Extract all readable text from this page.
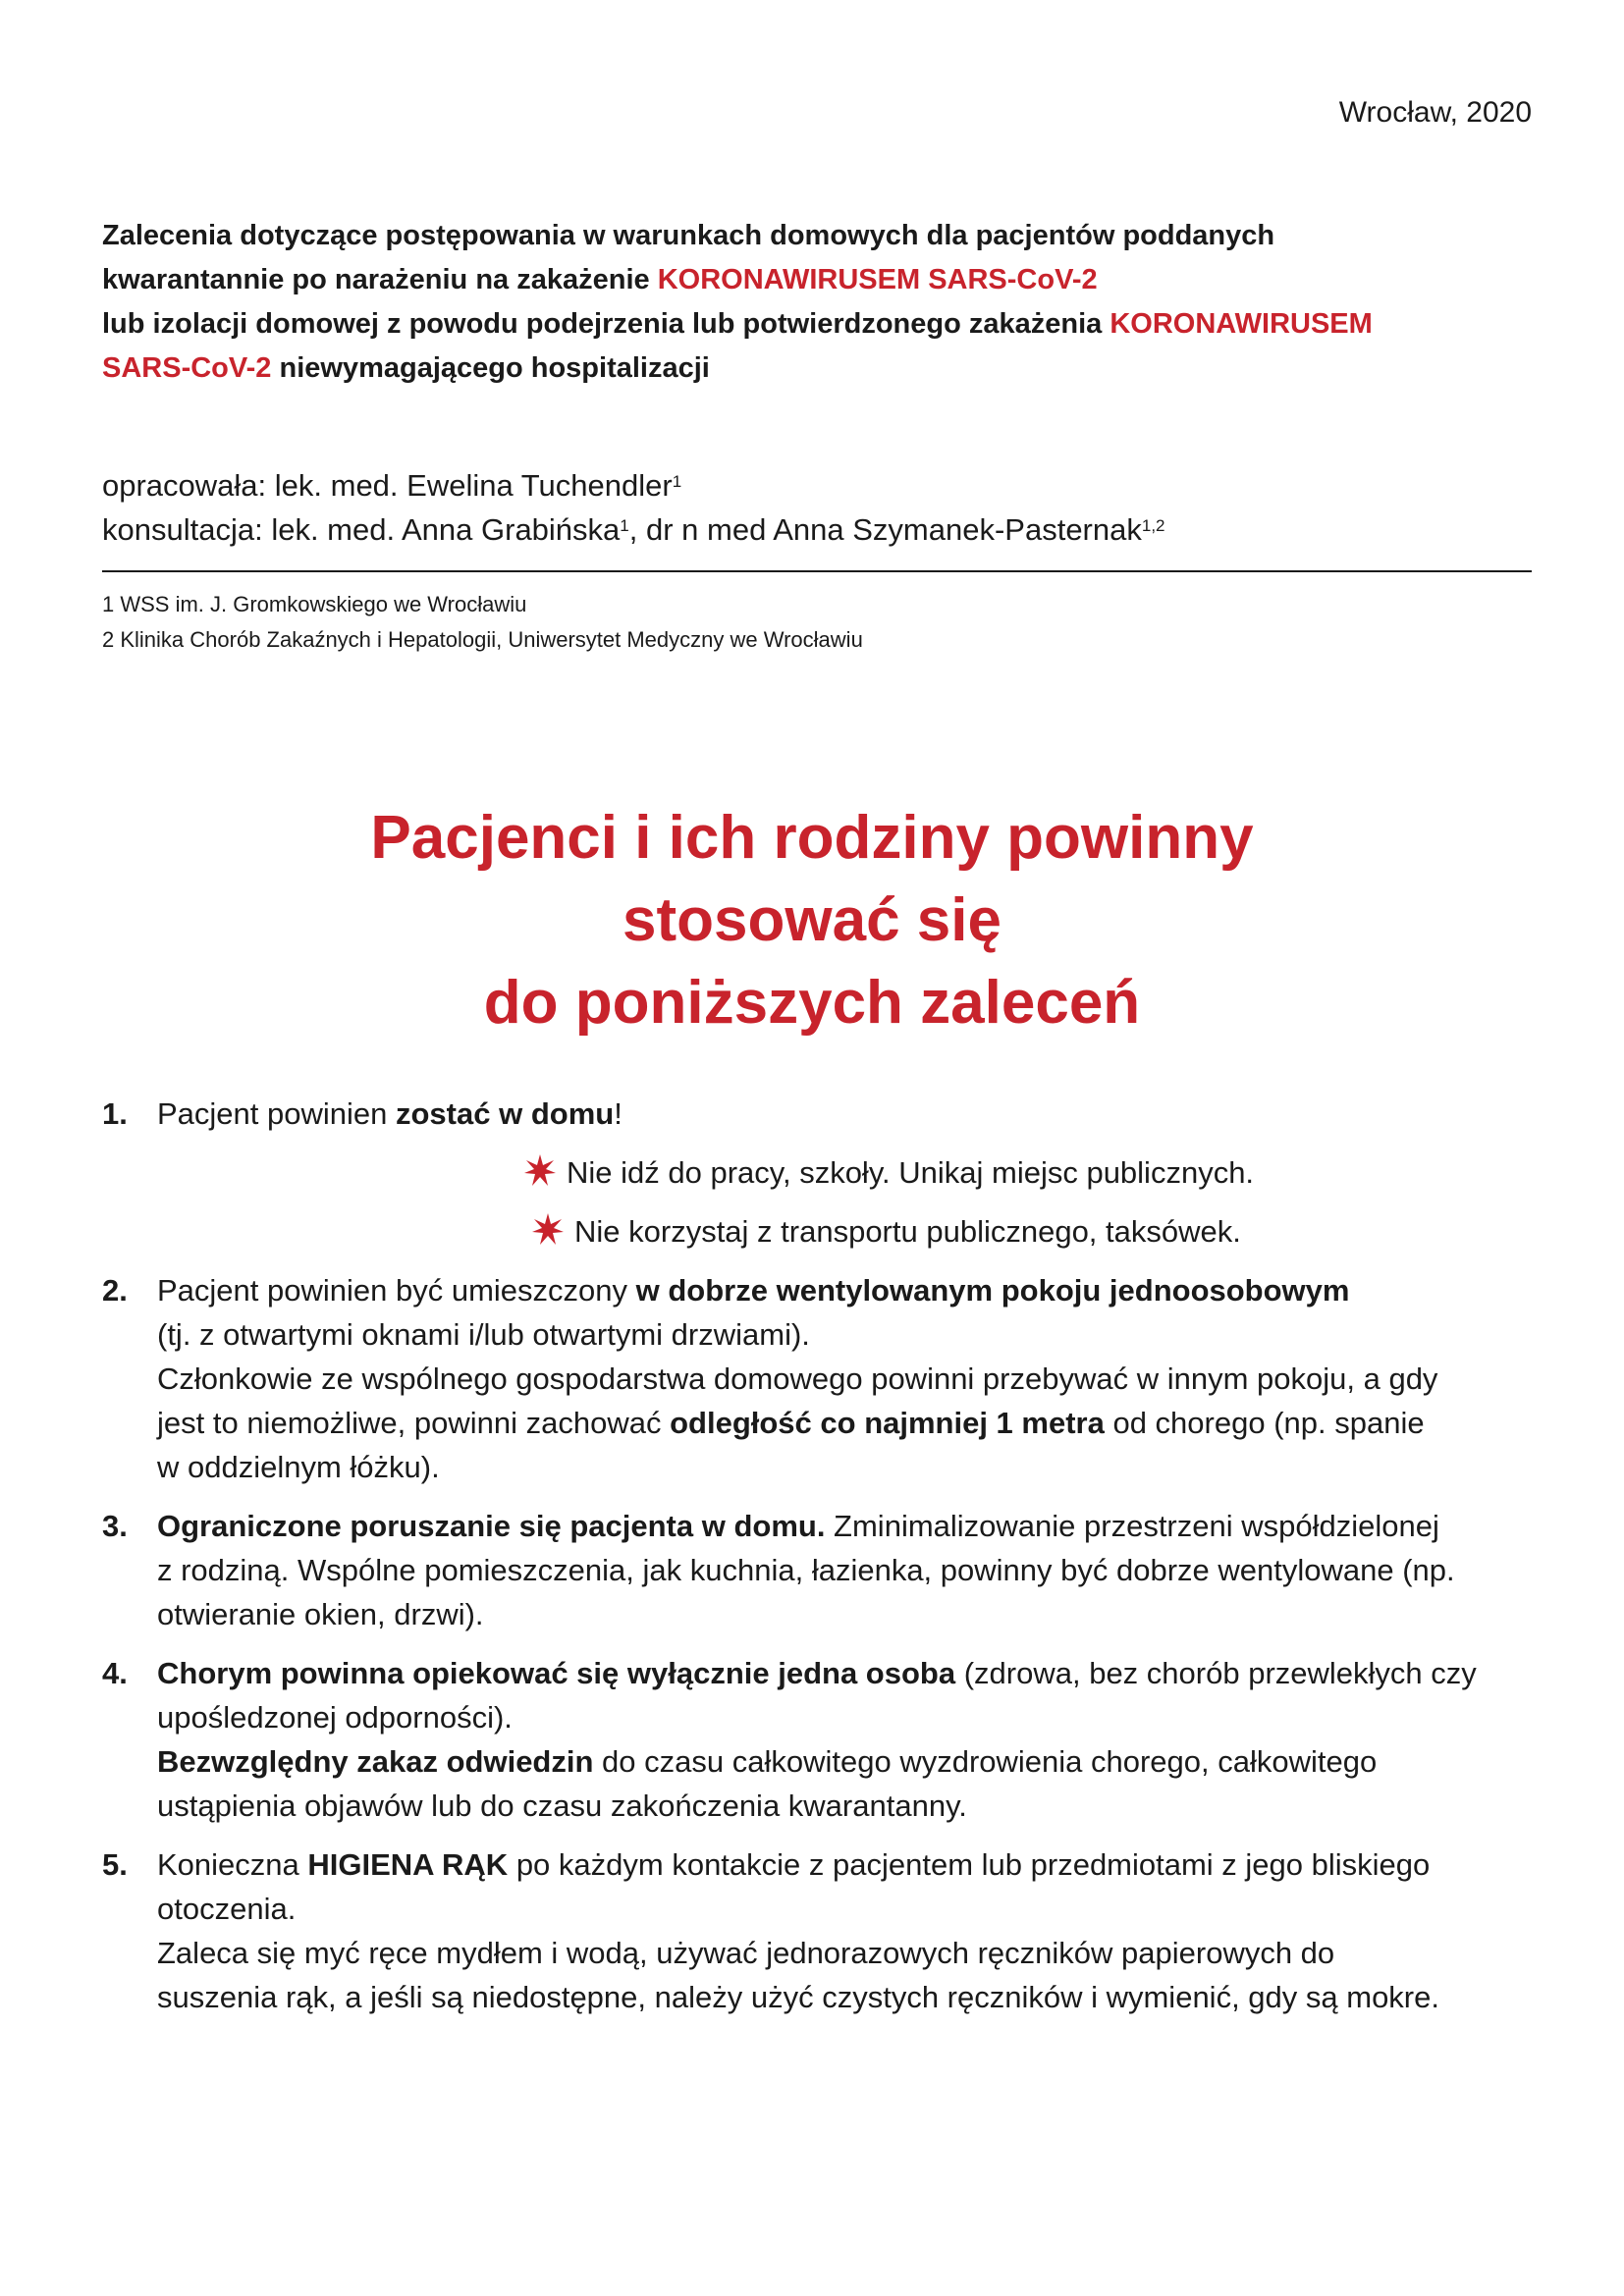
Wrocław, 2020
Zalecenia dotyczące postępowania w warunkach domowych dla pacjentów poddanych
kwarantannie po narażeniu na zakażenie KORONAWIRUSEM SARS-CoV-2
lub izolacji domowej z powodu podejrzenia lub potwierdzonego zakażenia KORONAWIRUSEM
SARS-CoV-2 niewymagającego hospitalizacji
opracowała: lek. med. Ewelina Tuchendler$^1$
konsultacja: lek. med. Anna Grabińska$^1$, dr n med Anna Szymanek-Pasternak$^{1,2}$
1 WSS im. J. Gromkowskiego we Wrocławiu
2 Klinika Chorób Zakaźnych i Hepatologii, Uniwersytet Medyczny we Wrocławiu
Pacjenci i ich rodziny powinny
stosować się
do poniższych zaleceń
1. Pacjent powinien zostać w domu!
Nie idź do pracy, szkoły. Unikaj miejsc publicznych.
Nie korzystaj z transportu publicznego, taksówek.
2. Pacjent powinien być umieszczony w dobrze wentylowanym pokoju jednoosobowym
(tj. z otwartymi oknami i/lub otwartymi drzwiami).
Członkowie ze wspólnego gospodarstwa domowego powinni przebywać w innym pokoju, a gdy
jest to niemożliwe, powinni zachować odległość co najmniej 1 metra od chorego (np. spanie
w oddzielnym łóżku).
3. Ograniczone poruszanie się pacjenta w domu. Zminimalizowanie przestrzeni współdzielonej
z rodziną. Wspólne pomieszczenia, jak kuchnia, łazienka, powinny być dobrze wentylowane (np.
otwieranie okien, drzwi).
4. Chorym powinna opiekować się wyłącznie jedna osoba (zdrowa, bez chorób przewlekłych czy
upośledzonej odporności).
Bezwzględny zakaz odwiedzin do czasu całkowitego wyzdrowienia chorego, całkowitego
ustąpienia objawów lub do czasu zakończenia kwarantanny.
5. Konieczna HIGIENA RĄK po każdym kontakcie z pacjentem lub przedmiotami z jego bliskiego
otoczenia.
Zaleca się myć ręce mydłem i wodą, używać jednorazowych ręczników papierowych do
suszenia rąk, a jeśli są niedostępne, należy użyć czystych ręczników i wymienić, gdy są mokre.
